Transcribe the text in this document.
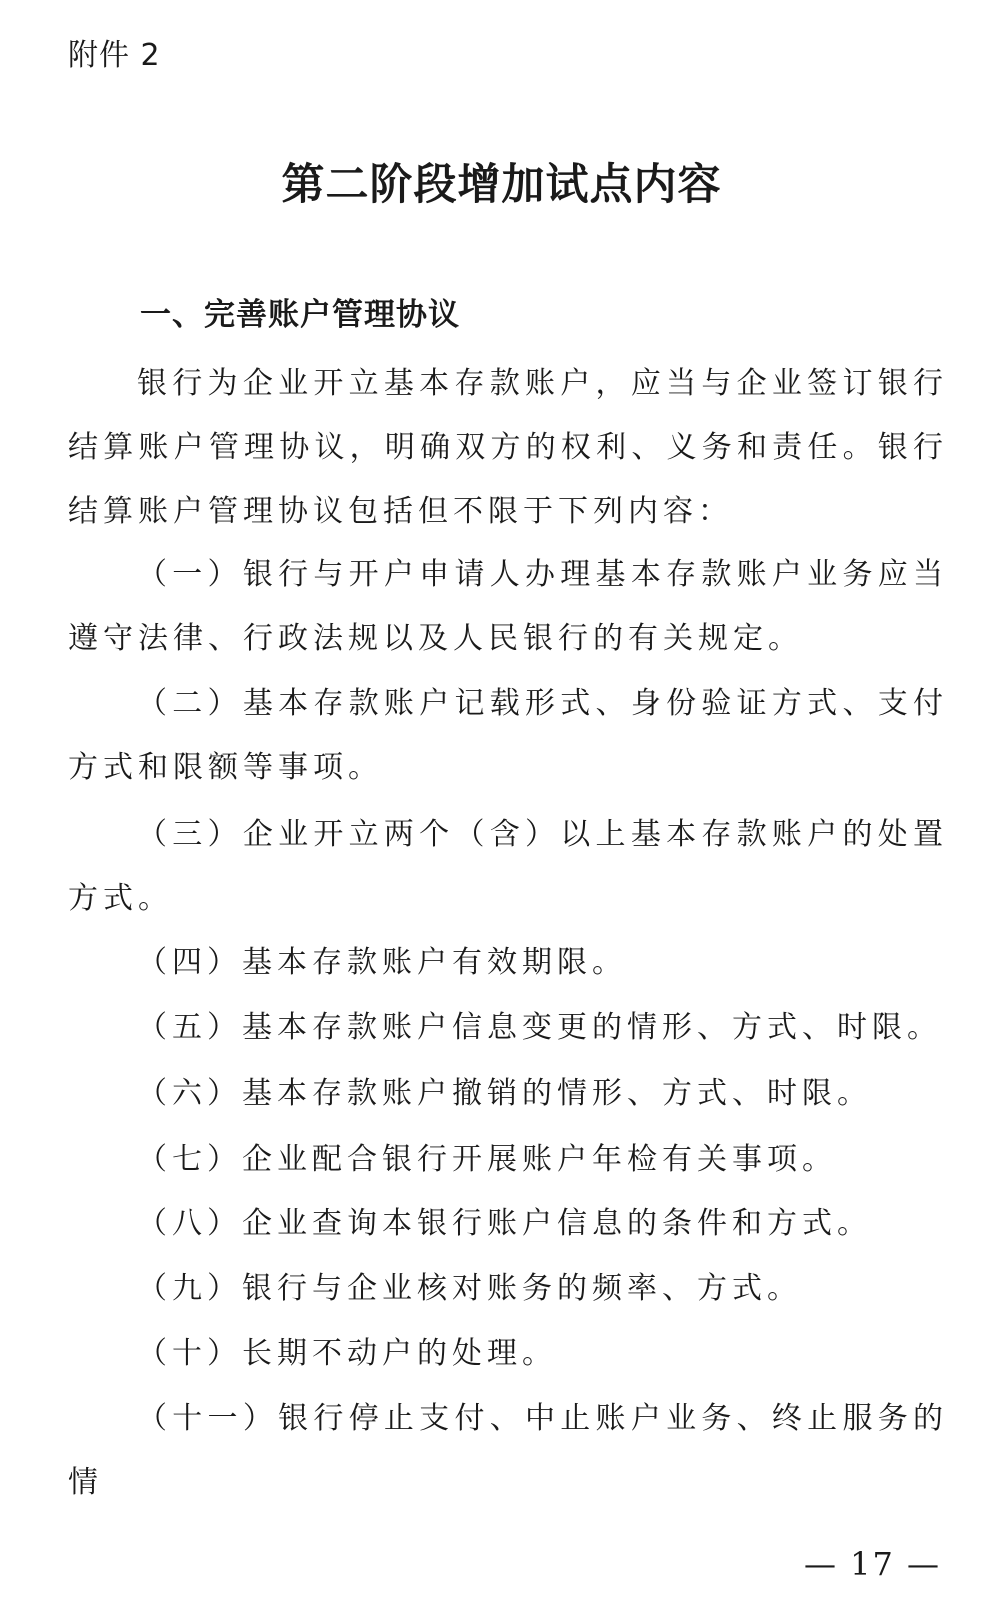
附件 2
第二阶段增加试点内容
一、完善账户管理协议

银行为企业开立基本存款账户，应当与企业签订银行结算账户管理协议，明确双方的权利、义务和责任。银行结算账户管理协议包括但不限于下列内容：

（一）银行与开户申请人办理基本存款账户业务应当遵守法律、行政法规以及人民银行的有关规定。

（二）基本存款账户记载形式、身份验证方式、支付方式和限额等事项。

（三）企业开立两个（含）以上基本存款账户的处置方式。

（四）基本存款账户有效期限。

（五）基本存款账户信息变更的情形、方式、时限。

（六）基本存款账户撤销的情形、方式、时限。

（七）企业配合银行开展账户年检有关事项。

（八）企业查询本银行账户信息的条件和方式。

（九）银行与企业核对账务的频率、方式。

（十）长期不动户的处理。

（十一）银行停止支付、中止账户业务、终止服务的情

— 17 —
